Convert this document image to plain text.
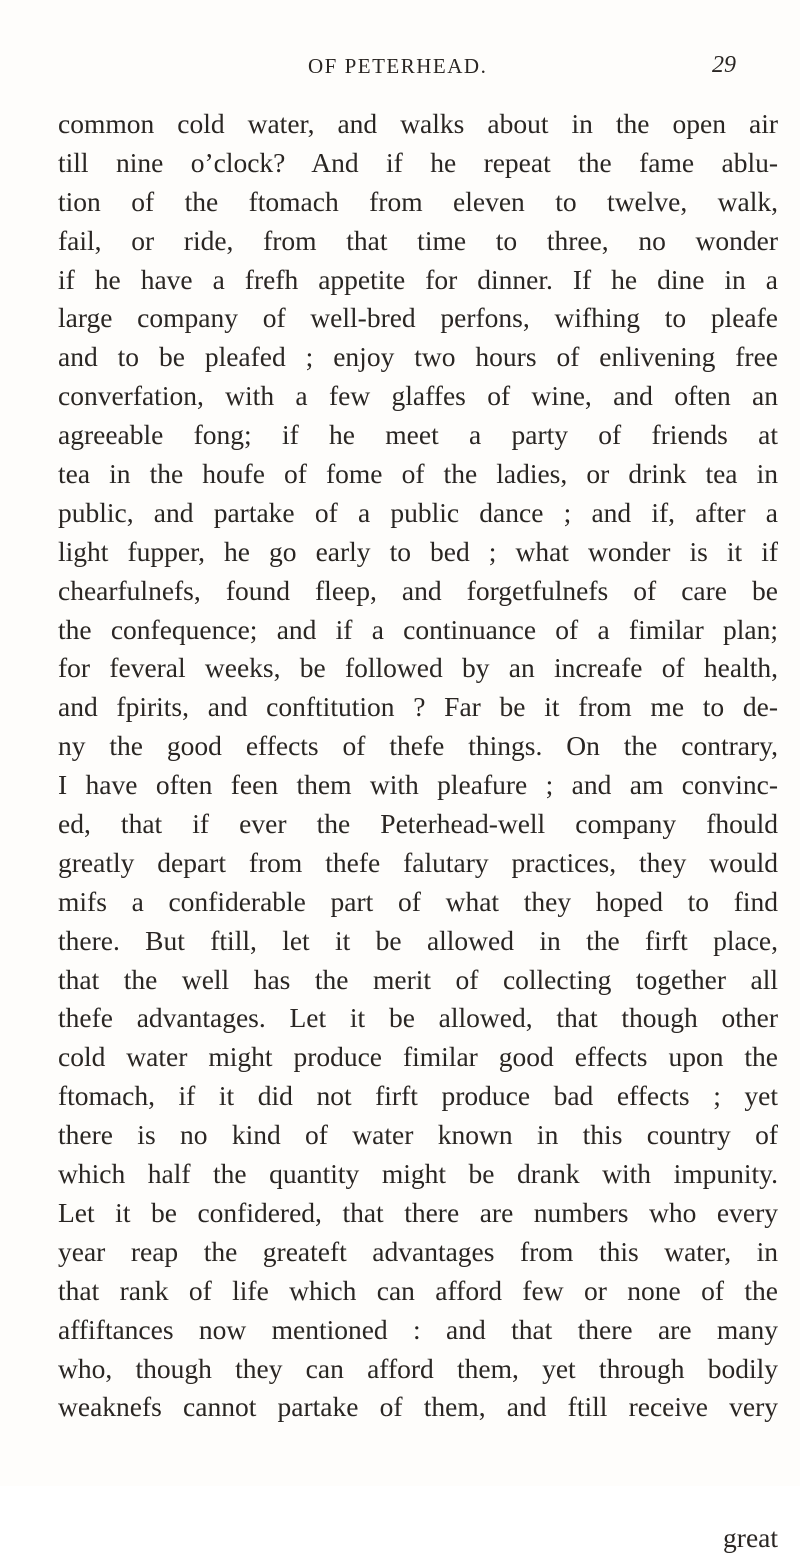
OF PETERHEAD.	29
common cold water, and walks about in the open air
till nine o’clock? And if he repeat the fame ablu-
tion of the ftomach from eleven to twelve, walk,
fail, or ride, from that time to three, no wonder
if he have a frefh appetite for dinner. If he dine in a
large company of well-bred perfons, wifhing to pleafe
and to be pleafed ; enjoy two hours of enlivening free
converfation, with a few glaffes of wine, and often an
agreeable fong; if he meet a party of friends at
tea in the houfe of fome of the ladies, or drink tea in
public, and partake of a public dance ; and if, after a
light fupper, he go early to bed ; what wonder is it if
chearfulnefs, found fleep, and forgetfulnefs of care be
the confequence; and if a continuance of a fimilar plan;
for feveral weeks, be followed by an increafe of health,
and fpirits, and conftitution ? Far be it from me to de-
ny the good effects of thefe things. On the contrary,
I have often feen them with pleafure ; and am convinc-
ed, that if ever the Peterhead-well company fhould
greatly depart from thefe falutary practices, they would
mifs a confiderable part of what they hoped to find
there. But ftill, let it be allowed in the firft place,
that the well has the merit of collecting together all
thefe advantages. Let it be allowed, that though other
cold water might produce fimilar good effects upon the
ftomach, if it did not firft produce bad effects ; yet
there is no kind of water known in this country of
which half the quantity might be drank with impunity.
Let it be confidered, that there are numbers who every
year reap the greateft advantages from this water, in
that rank of life which can afford few or none of the
affiftances now mentioned : and that there are many
who, though they can afford them, yet through bodily
weaknefs cannot partake of them, and ftill receive very
great
